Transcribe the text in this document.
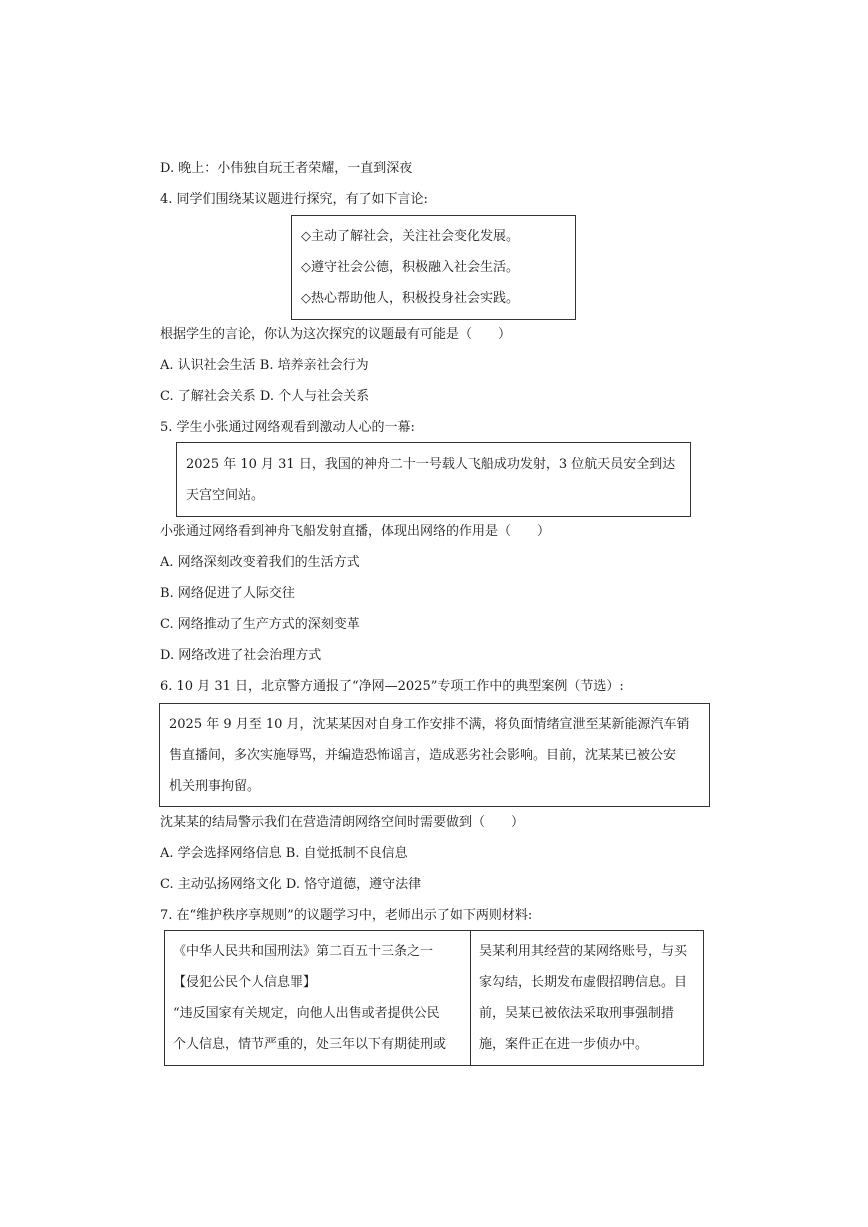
D. 晚上：小伟独自玩王者荣耀，一直到深夜
4. 同学们围绕某议题进行探究，有了如下言论:
◇主动了解社会，关注社会变化发展。
◇遵守社会公德，积极融入社会生活。
◇热心帮助他人，积极投身社会实践。
根据学生的言论，你认为这次探究的议题最有可能是（　　）
A. 认识社会生活 B. 培养亲社会行为
C. 了解社会关系 D. 个人与社会关系
5. 学生小张通过网络观看到激动人心的一幕:
2025 年 10 月 31 日，我国的神舟二十一号载人飞船成功发射，3 位航天员安全到达
天宫空间站。
小张通过网络看到神舟飞船发射直播，体现出网络的作用是（　　）
A. 网络深刻改变着我们的生活方式
B. 网络促进了人际交往
C. 网络推动了生产方式的深刻变革
D. 网络改进了社会治理方式
6. 10 月 31 日，北京警方通报了“净网—2025”专项工作中的典型案例（节选）:
2025 年 9 月至 10 月，沈某某因对自身工作安排不满，将负面情绪宣泄至某新能源汽车销
售直播间，多次实施辱骂，并编造恐怖谣言，造成恶劣社会影响。目前，沈某某已被公安
机关刑事拘留。
沈某某的结局警示我们在营造清朗网络空间时需要做到（　　）
A. 学会选择网络信息 B. 自觉抵制不良信息
C. 主动弘扬网络文化 D. 恪守道德，遵守法律
7. 在“维护秩序享规则”的议题学习中，老师出示了如下两则材料:
《中华人民共和国刑法》第二百五十三条之一
【侵犯公民个人信息罪】
“违反国家有关规定，向他人出售或者提供公民
个人信息，情节严重的，处三年以下有期徒刑或
吴某利用其经营的某网络账号，与买
家勾结，长期发布虚假招聘信息。目
前，吴某已被依法采取刑事强制措
施，案件正在进一步侦办中。
